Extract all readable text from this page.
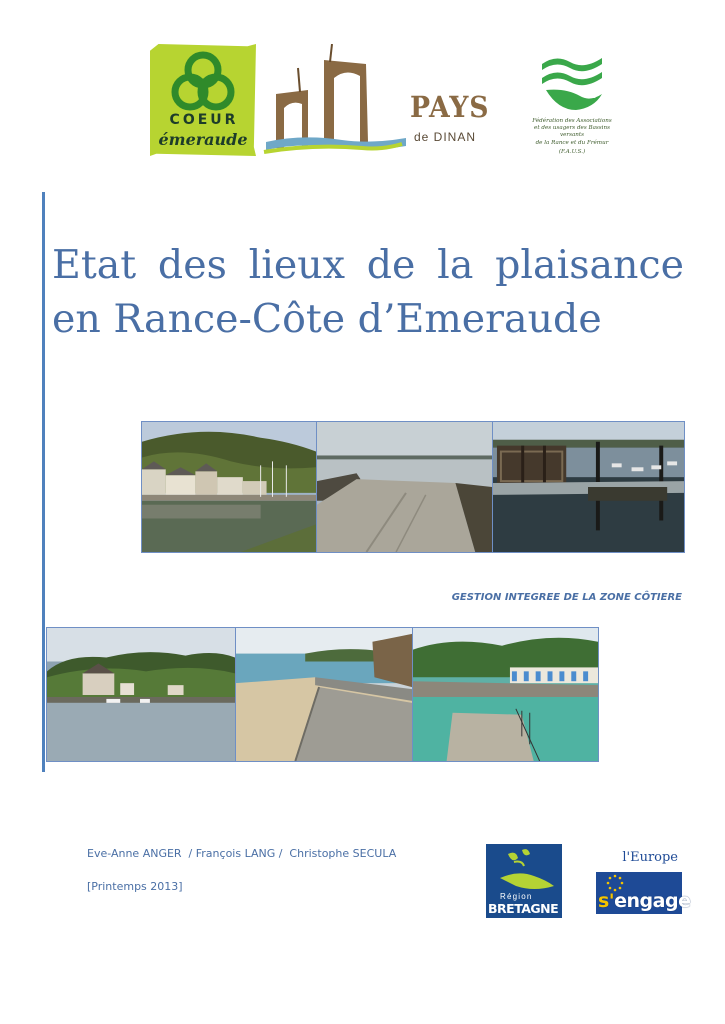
COEUR
émeraude
PAYS
de DINAN
Fédération des Associations
et des usagers des Bassins versants
de la Rance et du Frémur
(F.A.U.S.)
Etat des lieux de la plaisance en Rance-Côte d’Emeraude
GESTION INTEGREE DE LA ZONE CÔTIERE
Eve-Anne ANGER  / François LANG /  Christophe SECULA
[Printemps 2013]
Région
BRETAGNE
l'Europe
s'engage
en Bretagne
